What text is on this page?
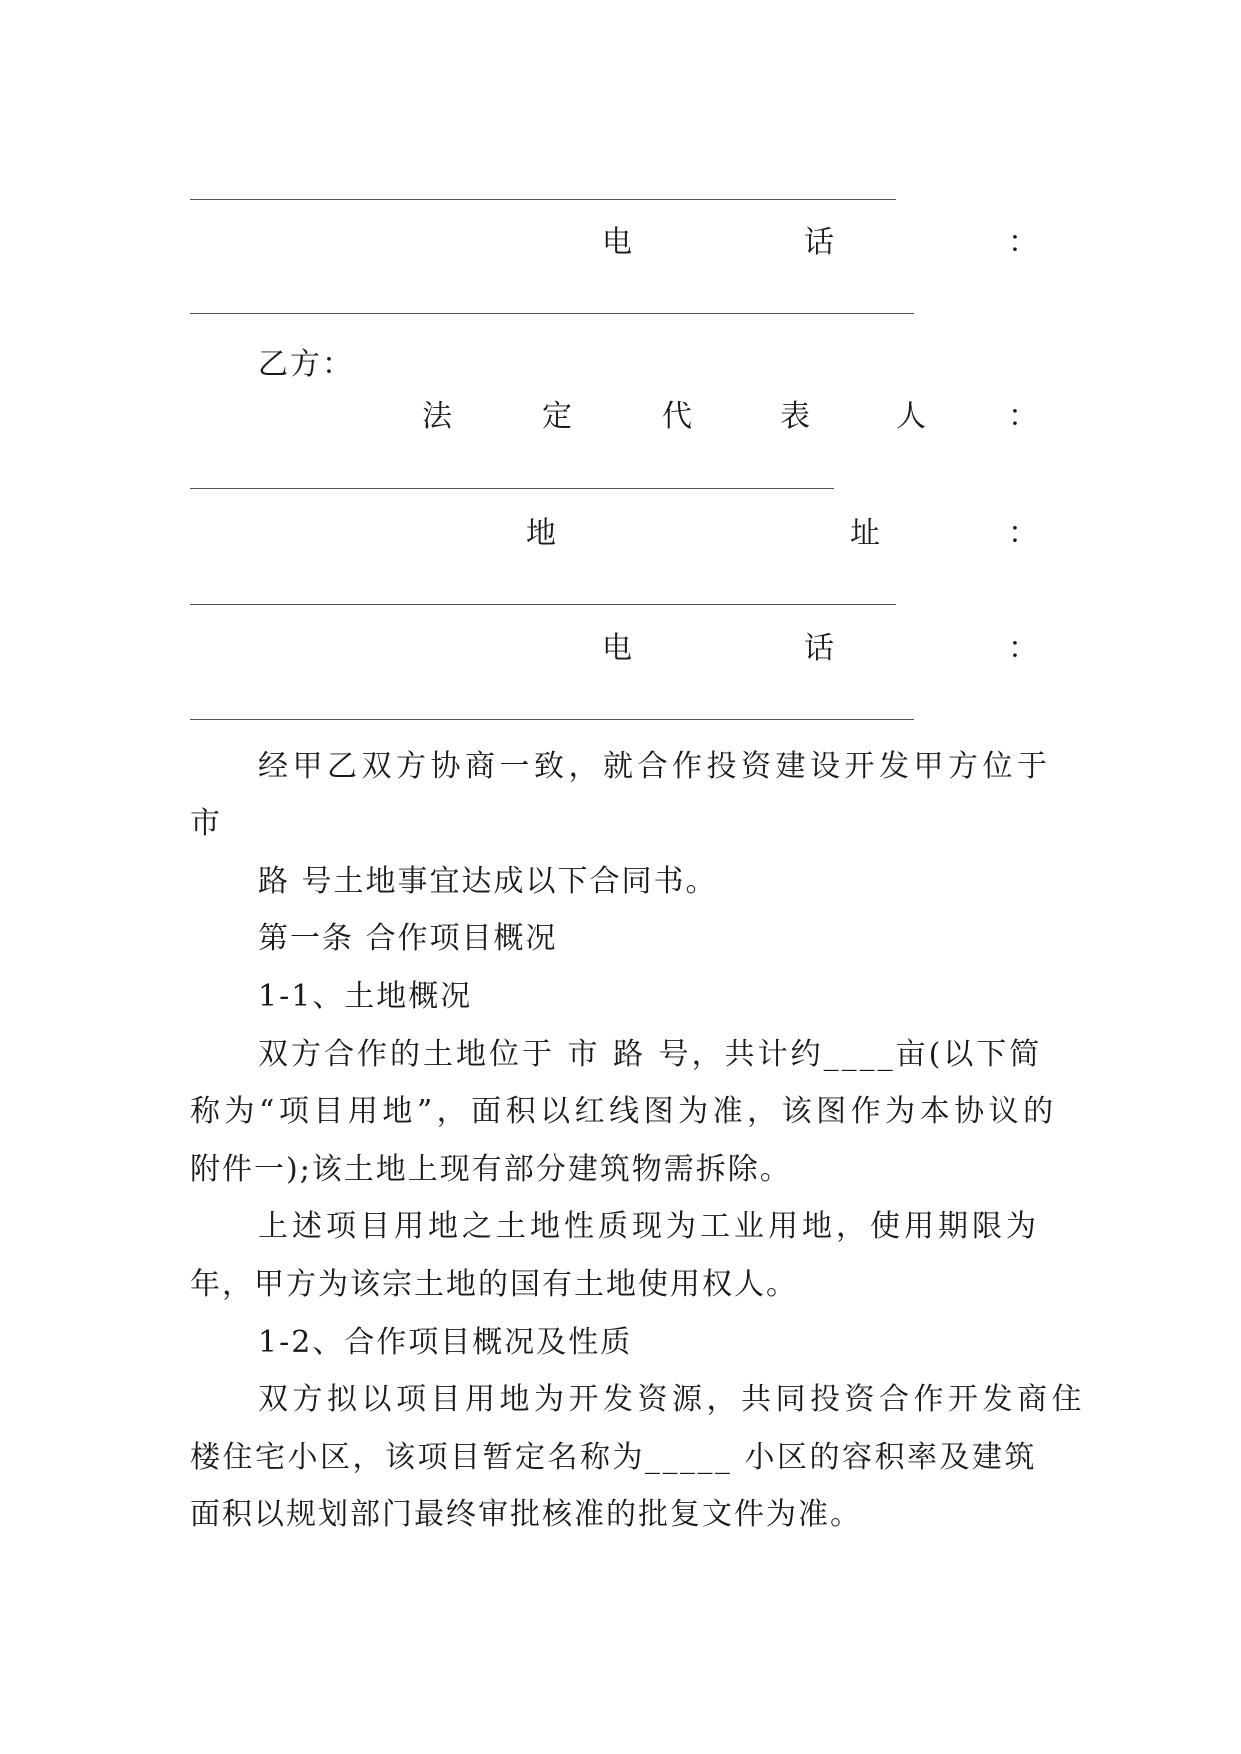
电	话	：
乙方：
法	定	代	表	人	：
地	址	：
电	话	：
经甲乙双方协商一致，就合作投资建设开发甲方位于
市
路 号土地事宜达成以下合同书。
第一条 合作项目概况
1-1、土地概况
双方合作的土地位于 市 路 号，共计约____亩(以下简
称为“项目用地”，面积以红线图为准，该图作为本协议的
附件一);该土地上现有部分建筑物需拆除。
上述项目用地之土地性质现为工业用地，使用期限为
年，甲方为该宗土地的国有土地使用权人。
1-2、合作项目概况及性质
双方拟以项目用地为开发资源，共同投资合作开发商住
楼住宅小区，该项目暂定名称为_____ 小区的容积率及建筑
面积以规划部门最终审批核准的批复文件为准。
